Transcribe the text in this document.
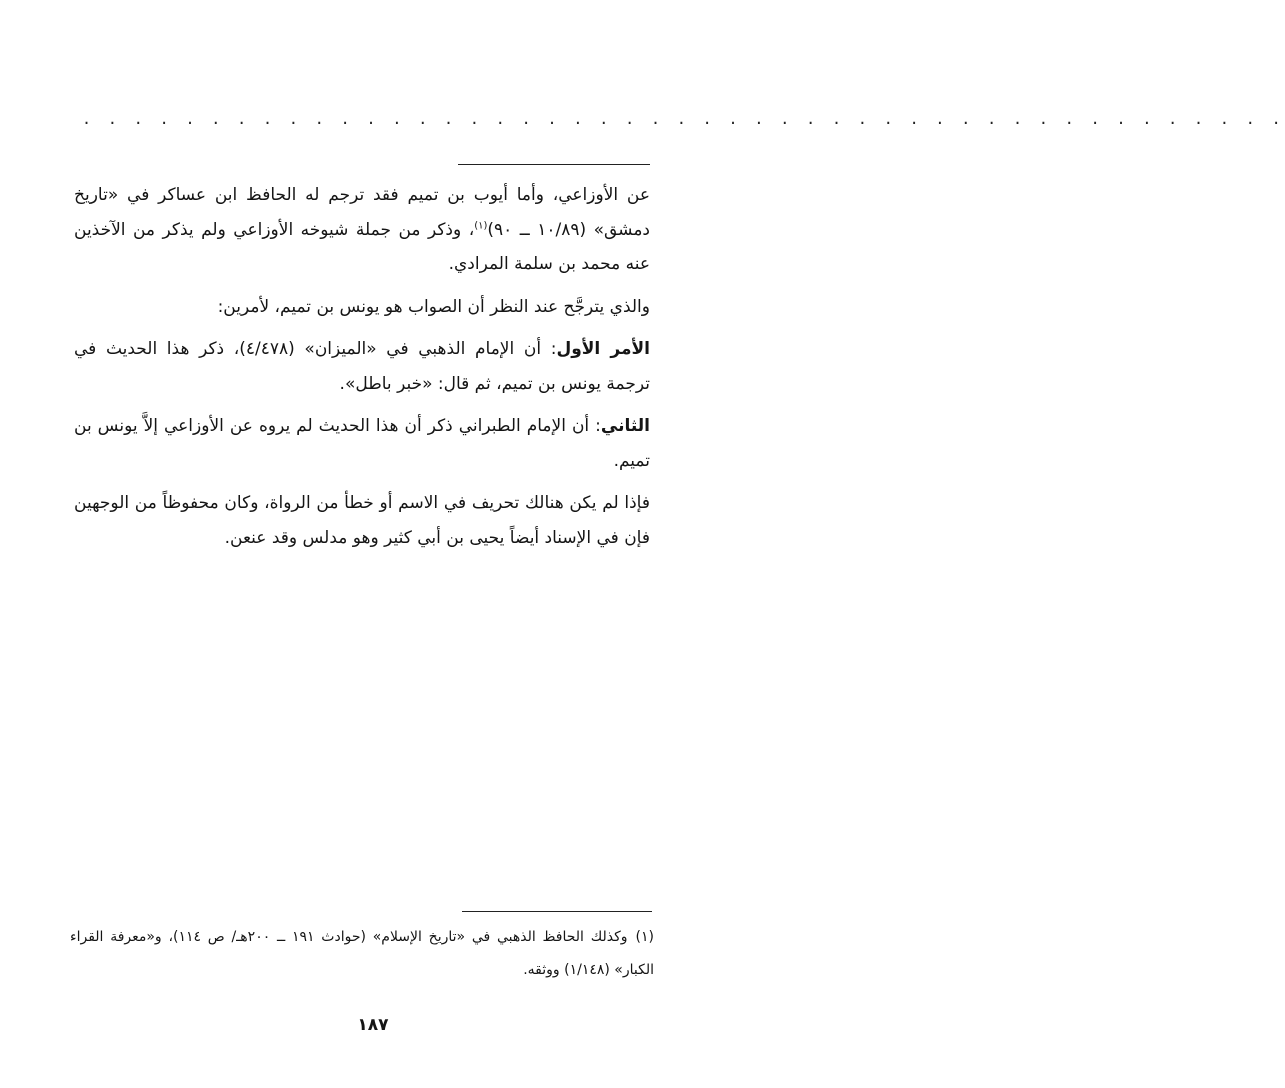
. . . . . . . . . . . . . . . . . . . . . . . . . . . . . . . . . . . . . . . . . . . . . . .

عن الأوزاعي، وأما أيوب بن تميم فقد ترجم له الحافظ ابن عساكر في «تاريخ دمشق» (١٠/٨٩ ــ ٩٠)$^{(١)}$، وذكر من جملة شيوخه الأوزاعي ولم يذكر من الآخذين عنه محمد بن سلمة المرادي.

والذي يترجَّح عند النظر أن الصواب هو يونس بن تميم، لأمرين:

الأمر الأول: أن الإمام الذهبي في «الميزان» (٤/٤٧٨)، ذكر هذا الحديث في ترجمة يونس بن تميم، ثم قال: «خبر باطل».

الثاني: أن الإمام الطبراني ذكر أن هذا الحديث لم يروه عن الأوزاعي إلاَّ يونس بن تميم.

فإذا لم يكن هنالك تحريف في الاسم أو خطأ من الرواة، وكان محفوظاً من الوجهين فإن في الإسناد أيضاً يحيى بن أبي كثير وهو مدلس وقد عنعن.

(١)وكذلك الحافظ الذهبي في «تاريخ الإسلام» (حوادث ١٩١ ــ ٢٠٠هـ/ ص ١١٤)، و«معرفة القراء الكبار» (١/١٤٨) ووثقه.

١٨٧
